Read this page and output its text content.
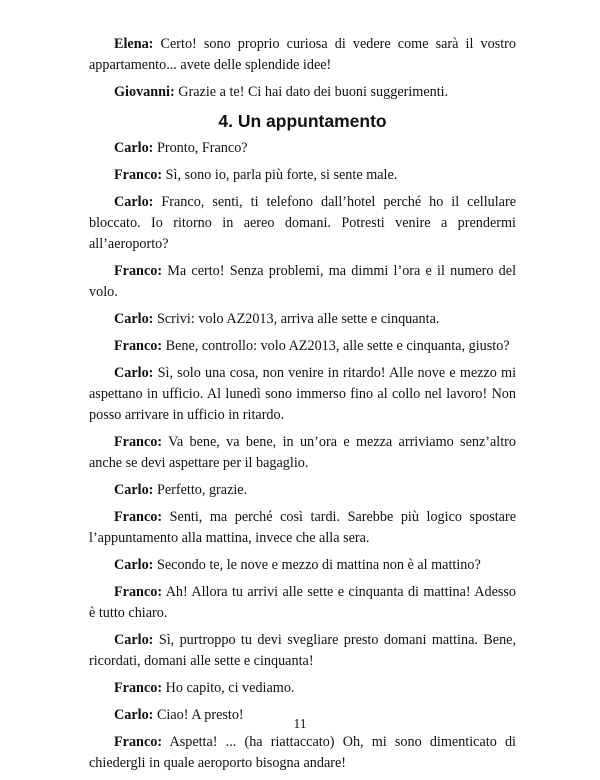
Elena: Certo! sono proprio curiosa di vedere come sarà il vostro appartamento... avete delle splendide idee!

Giovanni: Grazie a te! Ci hai dato dei buoni suggerimenti.

4. Un appuntamento

Carlo: Pronto, Franco?

Franco: Sì, sono io, parla più forte, si sente male.

Carlo: Franco, senti, ti telefono dall’hotel perché ho il cellulare bloccato. Io ritorno in aereo domani. Potresti venire a prendermi all’aeroporto?

Franco: Ma certo! Senza problemi, ma dimmi l’ora e il numero del volo.

Carlo: Scrivi: volo AZ2013, arriva alle sette e cinquanta.

Franco: Bene, controllo: volo AZ2013, alle sette e cinquanta, giusto?

Carlo: Sì, solo una cosa, non venire in ritardo! Alle nove e mezzo mi aspettano in ufficio. Al lunedì sono immerso fino al collo nel lavoro! Non posso arrivare in ufficio in ritardo.

Franco: Va bene, va bene, in un’ora e mezza arriviamo senz’altro anche se devi aspettare per il bagaglio.

Carlo: Perfetto, grazie.

Franco: Senti, ma perché così tardi. Sarebbe più logico spostare l’appuntamento alla mattina, invece che alla sera.

Carlo: Secondo te, le nove e mezzo di mattina non è al mattino?

Franco: Ah! Allora tu arrivi alle sette e cinquanta di mattina! Adesso è tutto chiaro.

Carlo: Sì, purtroppo tu devi svegliare presto domani mattina. Bene, ricordati, domani alle sette e cinquanta!

Franco: Ho capito, ci vediamo.

Carlo: Ciao! A presto!

Franco: Aspetta! ... (ha riattaccato) Oh, mi sono dimenticato di chiedergli in quale aeroporto bisogna andare!

11
